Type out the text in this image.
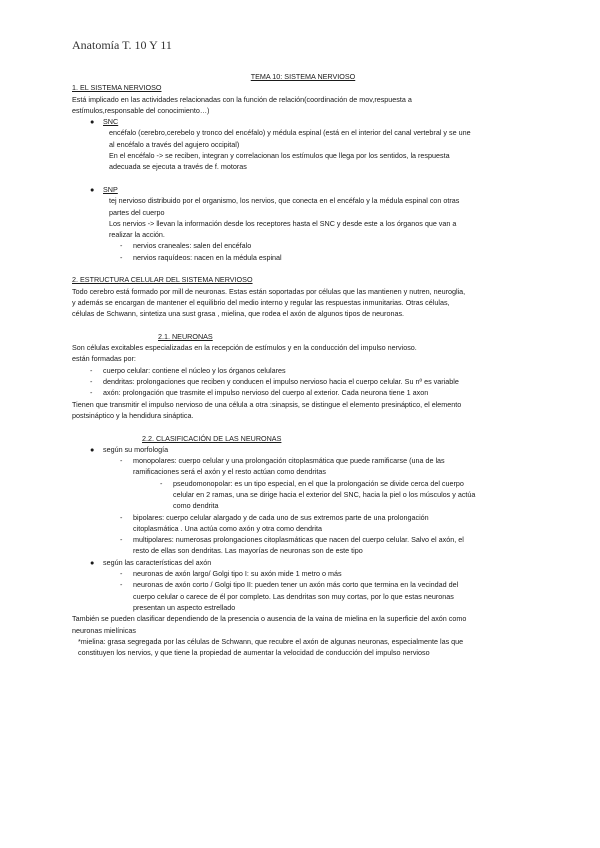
Anatomía T. 10 Y 11

TEMA 10: SISTEMA NERVIOSO

1. EL SISTEMA NERVIOSO

Está implicado en las actividades relacionadas con la función de relación(coordinación de mov,respuesta a

estímulos,responsable del conocimiento…)

●	SNC

encéfalo (cerebro,cerebelo y tronco del encéfalo) y médula espinal (está en el interior del canal vertebral y se une

al encéfalo a través del agujero occipital)

En el encéfalo -> se reciben, integran y correlacionan los estímulos que llega por los sentidos, la respuesta

adecuada se ejecuta a través de f. motoras

●	SNP

tej nervioso distribuido por el organismo, los nervios, que conecta en el encéfalo y la médula espinal con otras

partes del cuerpo

Los nervios -> llevan la información desde los receptores hasta el SNC y desde este a los órganos que van a

realizar la acción.

-	nervios craneales: salen del encéfalo
-	nervios raquídeos: nacen en la médula espinal

2. ESTRUCTURA CELULAR DEL SISTEMA NERVIOSO

Todo cerebro está formado por mill de neuronas. Estas están soportadas por células que las mantienen y nutren, neuroglia,

y además se encargan de mantener el equilibrio del medio interno y regular las respuestas inmunitarias. Otras células,

células de Schwann, sintetiza una sust grasa , mielina, que rodea el axón de algunos tipos de neuronas.

2.1. NEURONAS

Son células excitables especializadas en la recepción de estímulos y en la conducción del impulso nervioso.

están formadas por:

-	cuerpo celular: contiene el núcleo y los órganos celulares
-	dendritas: prolongaciones que reciben y conducen el impulso nervioso hacia el cuerpo celular. Su nº es variable
-	axón: prolongación que trasmite el impulso nervioso del cuerpo al exterior. Cada neurona tiene 1 axon

Tienen que transmitir el impulso nervioso de una célula a otra :sinapsis, se distingue el elemento presináptico, el elemento

postsináptico y la hendidura sináptica.

2.2. CLASIFICACIÓN DE LAS NEURONAS

●	según su morfología
-	monopolares: cuerpo celular y una prolongación citoplasmática que puede ramificarse (una de las

ramificaciones será el axón y el resto actúan como dendritas

-	pseudomonopolar: es un tipo especial, en el que la prolongación se divide cerca del cuerpo

celular en 2 ramas, una se dirige hacia el exterior del SNC, hacia la piel o los músculos y actúa

como dendrita

-	bipolares: cuerpo celular alargado y de cada uno de sus extremos parte de una prolongación

citoplasmática . Una actúa como axón y otra como dendrita

-	multipolares: numerosas prolongaciones citoplasmáticas que nacen del cuerpo celular. Salvo el axón, el

resto de ellas son dendritas. Las mayorías de neuronas son de este tipo

●	según las características del axón
-	neuronas de axón largo/ Golgi tipo I: su axón mide 1 metro o más
-	neuronas de axón corto / Golgi tipo II: pueden tener un axón más corto que termina en la vecindad del

cuerpo celular o carece de él por completo. Las dendritas son muy cortas, por lo que estas neuronas

presentan un aspecto estrellado

También se pueden clasificar dependiendo de la presencia o ausencia de la vaina de mielina en la superficie del axón como

neuronas mielínicas

*mielina: grasa segregada por las células de Schwann, que recubre el axón de algunas neuronas, especialmente las que

constituyen los nervios, y que tiene la propiedad de aumentar la velocidad de conducción del impulso nervioso
